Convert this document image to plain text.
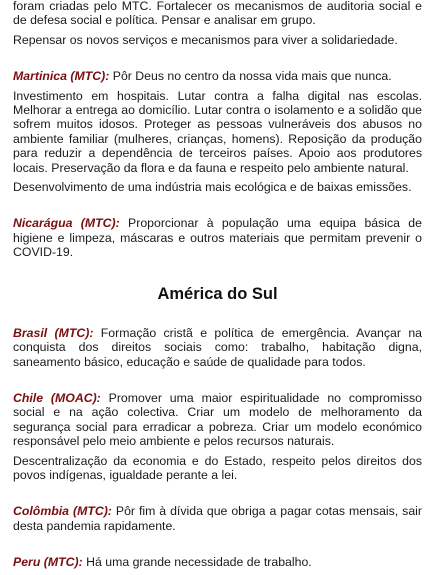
foram criadas pelo MTC. Fortalecer os mecanismos de auditoria social e de defesa social e política. Pensar e analisar em grupo.

Repensar os novos serviços e mecanismos para viver a solidariedade.

Martinica (MTC): Pôr Deus no centro da nossa vida mais que nunca.

Investimento em hospitais. Lutar contra a falha digital nas escolas. Melhorar a entrega ao domicílio. Lutar contra o isolamento e a solidão que sofrem muitos idosos. Proteger as pessoas vulneráveis dos abusos no ambiente familiar (mulheres, crianças, homens). Reposição da produção para reduzir a dependência de terceiros países. Apoio aos produtores locais. Preservação da flora e da fauna e respeito pelo ambiente natural.

Desenvolvimento de uma indústria mais ecológica e de baixas emissões.

Nicarágua (MTC): Proporcionar à população uma equipa básica de higiene e limpeza, máscaras e outros materiais que permitam prevenir o COVID-19.

América do Sul

Brasil (MTC): Formação cristã e política de emergência. Avançar na conquista dos direitos sociais como: trabalho, habitação digna, saneamento básico, educação e saúde de qualidade para todos.

Chile (MOAC): Promover uma maior espiritualidade no compromisso social e na ação colectiva. Criar um modelo de melhoramento da segurança social para erradicar a pobreza. Criar um modelo económico responsável pelo meio ambiente e pelos recursos naturais.

Descentralização da economia e do Estado, respeito pelos direitos dos povos indígenas, igualdade perante a lei.

Colômbia (MTC): Pôr fim à dívida que obriga a pagar cotas mensais, sair desta pandemia rapidamente.

Peru (MTC): Há uma grande necessidade de trabalho.
